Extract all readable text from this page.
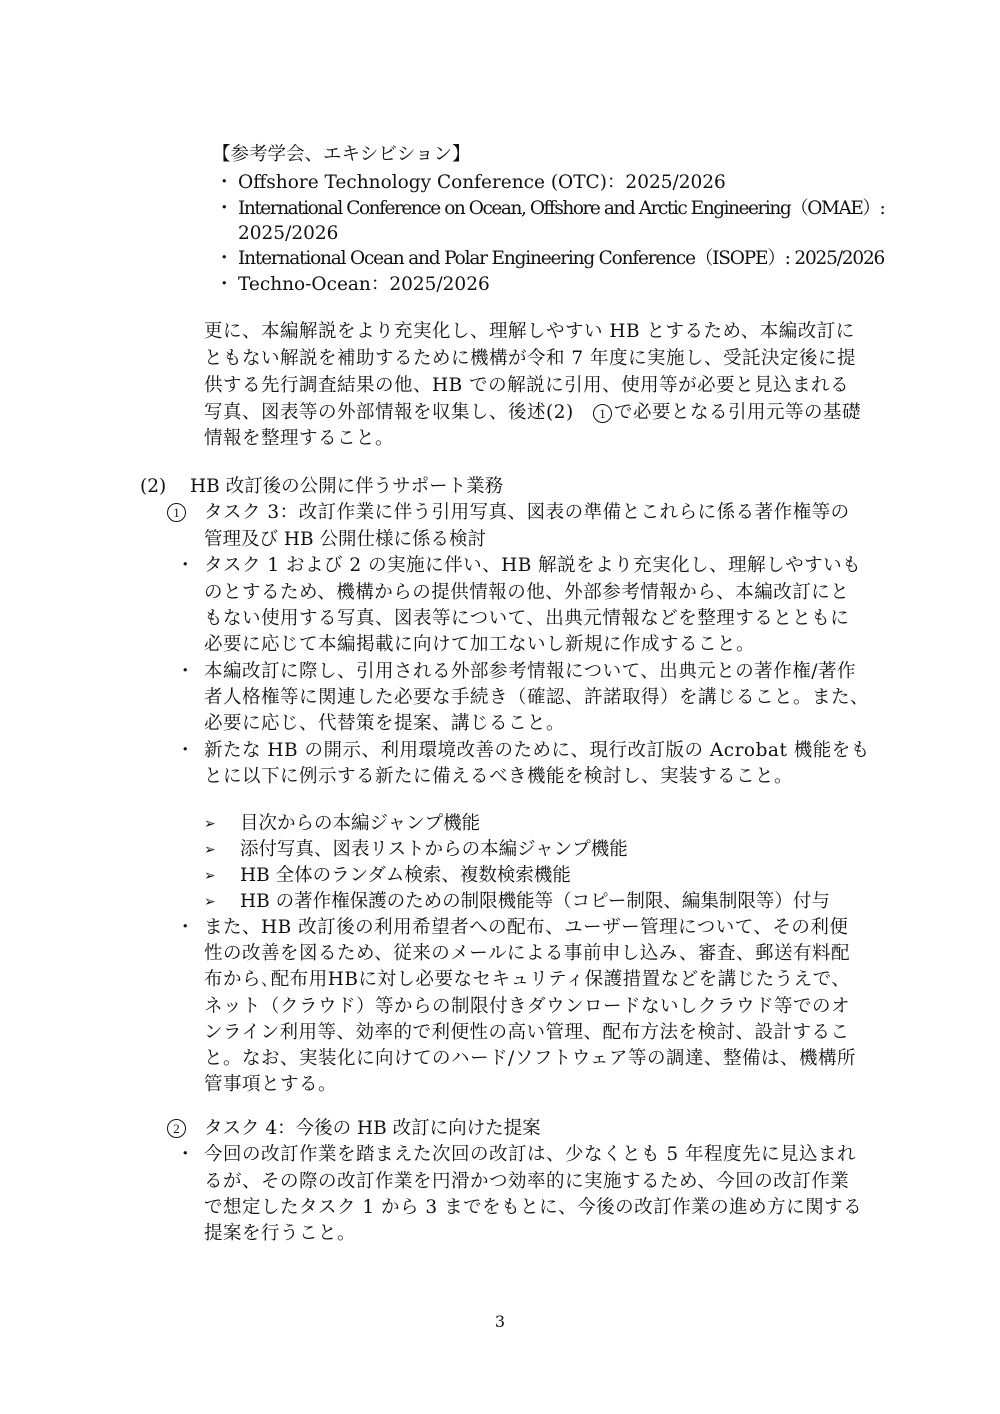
【参考学会、エキシビション】
・ Offshore Technology Conference (OTC)：2025/2026
・ International Conference on Ocean, Offshore and Arctic Engineering（OMAE）:
2025/2026
・ International Ocean and Polar Engineering Conference（ISOPE）: 2025/2026
・ Techno-Ocean：2025/2026
更に、本編解説をより充実化し、理解しやすい HB とするため、本編改訂に
ともない解説を補助するために機構が令和 7 年度に実施し、受託決定後に提
供する先行調査結果の他、HB での解説に引用、使用等が必要と見込まれる
写真、図表等の外部情報を収集し、後述(2)	1 で必要となる引用元等の基礎
情報を整理すること。
(2) HB 改訂後の公開に伴うサポート業務
1	タスク 3：改訂作業に伴う引用写真、図表の準備とこれらに係る著作権等の
管理及び HB 公開仕様に係る検討
・ タスク 1 および 2 の実施に伴い、HB 解説をより充実化し、理解しやすいも
のとするため、機構からの提供情報の他、外部参考情報から、本編改訂にと
もない使用する写真、図表等について、出典元情報などを整理するとともに
必要に応じて本編掲載に向けて加工ないし新規に作成すること。
・ 本編改訂に際し、引用される外部参考情報について、出典元との著作権/著作
者人格権等に関連した必要な手続き（確認、許諾取得）を講じること。また、
必要に応じ、代替策を提案、講じること。
・ 新たな HB の開示、利用環境改善のために、現行改訂版の Acrobat 機能をも
とに以下に例示する新たに備えるべき機能を検討し、実装すること。
➢ 目次からの本編ジャンプ機能
➢ 添付写真、図表リストからの本編ジャンプ機能
➢ HB 全体のランダム検索、複数検索機能
➢ HB の著作権保護のための制限機能等（コピー制限、編集制限等）付与
・ また、HB 改訂後の利用希望者への配布、ユーザー管理について、その利便
性の改善を図るため、従来のメールによる事前申し込み、審査、郵送有料配
布から､配布用HBに対し必要なセキュリティ保護措置などを講じたうえで、
ネット（クラウド）等からの制限付きダウンロードないしクラウド等でのオ
ンライン利用等、効率的で利便性の高い管理、配布方法を検討、設計するこ
と。なお、実装化に向けてのハード/ソフトウェア等の調達、整備は、機構所
管事項とする。
2	タスク 4：今後の HB 改訂に向けた提案
・ 今回の改訂作業を踏まえた次回の改訂は、少なくとも 5 年程度先に見込まれ
るが、その際の改訂作業を円滑かつ効率的に実施するため、今回の改訂作業
で想定したタスク 1 から 3 までをもとに、今後の改訂作業の進め方に関する
提案を行うこと。
3
